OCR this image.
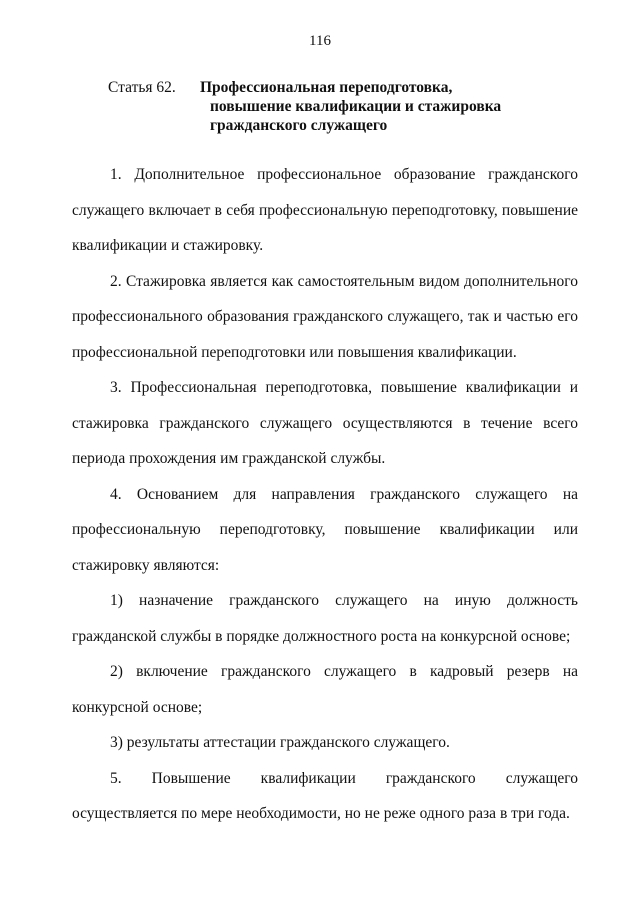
116
Статья 62. Профессиональная переподготовка,
повышение квалификации и стажировка
гражданского служащего

1. Дополнительное профессиональное образование гражданского служащего включает в себя профессиональную переподготовку, повышение квалификации и стажировку.

2. Стажировка является как самостоятельным видом дополнительного профессионального образования гражданского служащего, так и частью его профессиональной переподготовки или повышения квалификации.

3. Профессиональная переподготовка, повышение квалификации и стажировка гражданского служащего осуществляются в течение всего периода прохождения им гражданской службы.

4. Основанием для направления гражданского служащего на профессиональную переподготовку, повышение квалификации или стажировку являются:

1) назначение гражданского служащего на иную должность гражданской службы в порядке должностного роста на конкурсной основе;

2) включение гражданского служащего в кадровый резерв на конкурсной основе;

3) результаты аттестации гражданского служащего.

5. Повышение квалификации гражданского служащего осуществляется по мере необходимости, но не реже одного раза в три года.
